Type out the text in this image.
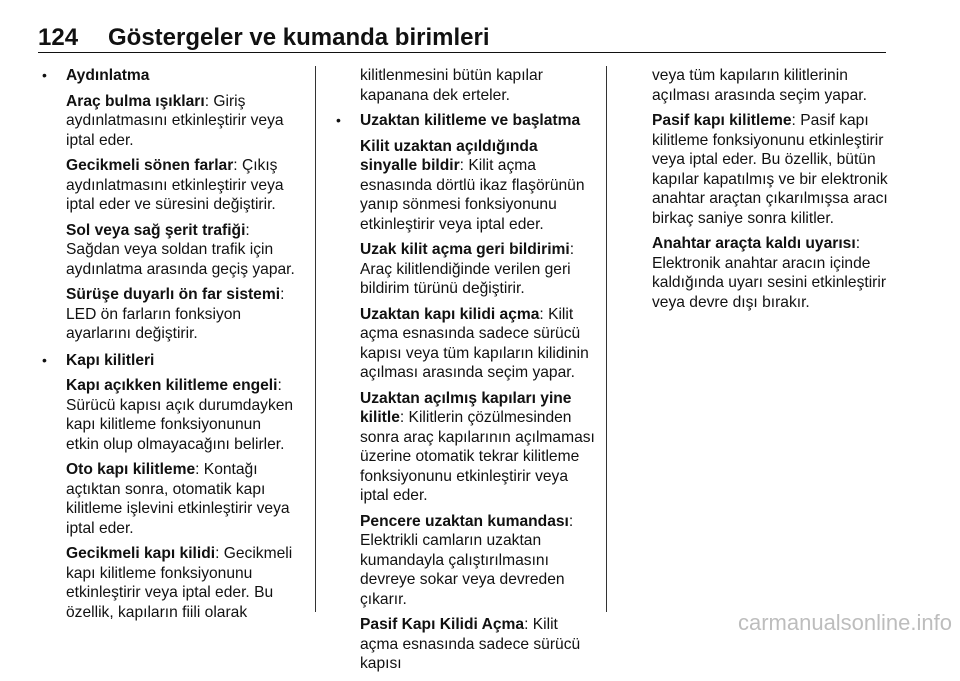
124	Göstergeler ve kumanda birimleri
• Aydınlatma
Araç bulma ışıkları: Giriş aydınlatmasını etkinleştirir veya iptal eder.
Gecikmeli sönen farlar: Çıkış aydınlatmasını etkinleştirir veya iptal eder ve süresini değiştirir.
Sol veya sağ şerit trafiği: Sağdan veya soldan trafik için aydınlatma arasında geçiş yapar.
Sürüşe duyarlı ön far sistemi: LED ön farların fonksiyon ayarlarını değiştirir.
• Kapı kilitleri
Kapı açıkken kilitleme engeli: Sürücü kapısı açık durumdayken kapı kilitleme fonksiyonunun etkin olup olmayacağını belirler.
Oto kapı kilitleme: Kontağı açtıktan sonra, otomatik kapı kilitleme işlevini etkinleştirir veya iptal eder.
Gecikmeli kapı kilidi: Gecikmeli kapı kilitleme fonksiyonunu etkinleştirir veya iptal eder. Bu özellik, kapıların fiili olarak
kilitlenmesini bütün kapılar kapanana dek erteler.
• Uzaktan kilitleme ve başlatma
Kilit uzaktan açıldığında sinyalle bildir: Kilit açma esnasında dörtlü ikaz flaşörünün yanıp sönmesi fonksiyonunu etkinleştirir veya iptal eder.
Uzak kilit açma geri bildirimi: Araç kilitlendiğinde verilen geri bildirim türünü değiştirir.
Uzaktan kapı kilidi açma: Kilit açma esnasında sadece sürücü kapısı veya tüm kapıların kilidinin açılması arasında seçim yapar.
Uzaktan açılmış kapıları yine kilitle: Kilitlerin çözülmesinden sonra araç kapılarının açılmaması üzerine otomatik tekrar kilitleme fonksiyonunu etkinleştirir veya iptal eder.
Pencere uzaktan kumandası: Elektrikli camların uzaktan kumandayla çalıştırılmasını devreye sokar veya devreden çıkarır.
Pasif Kapı Kilidi Açma: Kilit açma esnasında sadece sürücü kapısı
veya tüm kapıların kilitlerinin açılması arasında seçim yapar.
Pasif kapı kilitleme: Pasif kapı kilitleme fonksiyonunu etkinleştirir veya iptal eder. Bu özellik, bütün kapılar kapatılmış ve bir elektronik anahtar araçtan çıkarılmışsa aracı birkaç saniye sonra kilitler.
Anahtar araçta kaldı uyarısı: Elektronik anahtar aracın içinde kaldığında uyarı sesini etkinleştirir veya devre dışı bırakır.
carmanualsonline.info
